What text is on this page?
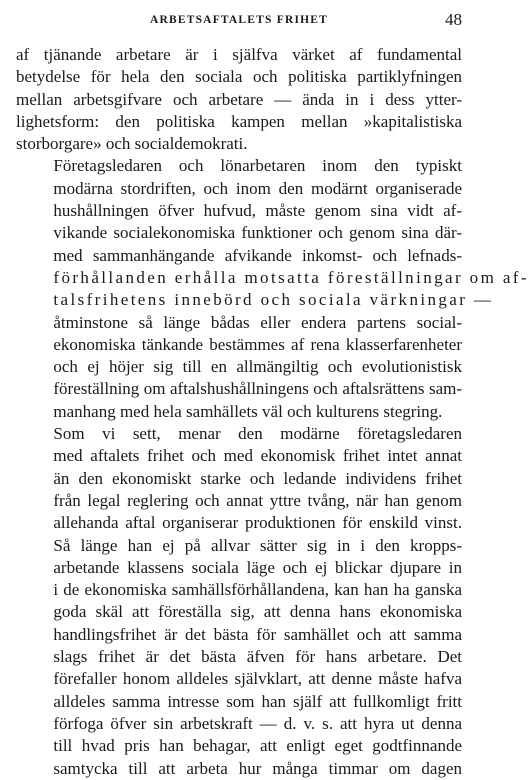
ARBETSAFTALETS FRIHET	48

af tjänande arbetare är i själfva värket af fundamental
betydelse för hela den sociala och politiska partiklyfningen
mellan arbetsgifvare och arbetare — ända in i dess ytter-
lighetsform: den politiska kampen mellan »kapitalistiska
storborgare» och socialdemokrati.

Företagsledaren och lönarbetaren inom den typiskt
modärna stordriften, och inom den modärnt organiserade
hushållningen öfver hufvud, måste genom sina vidt af-
vikande socialekonomiska funktioner och genom sina där-
med sammanhängande afvikande inkomst- och lefnads-
förhållanden erhålla motsatta föreställningar om af-
talsfrihetens innebörd och sociala värkningar —
åtminstone så länge bådas eller endera partens social-
ekonomiska tänkande bestämmes af rena klasserfarenheter
och ej höjer sig till en allmängiltig och evolutionistisk
föreställning om aftalshushållningens och aftalsrättens sam-
manhang med hela samhällets väl och kulturens stegring.

Som vi sett, menar den modärne företagsledaren
med aftalets frihet och med ekonomisk frihet intet annat
än den ekonomiskt starke och ledande individens frihet
från legal reglering och annat yttre tvång, när han genom
allehanda aftal organiserar produktionen för enskild vinst.
Så länge han ej på allvar sätter sig in i den kropps-
arbetande klassens sociala läge och ej blickar djupare in
i de ekonomiska samhällsförhållandena, kan han ha ganska
goda skäl att föreställa sig, att denna hans ekonomiska
handlingsfrihet är det bästa för samhället och att samma
slags frihet är det bästa äfven för hans arbetare. Det
förefaller honom alldeles självklart, att denne måste hafva
alldeles samma intresse som han själf att fullkomligt fritt
förfoga öfver sin arbetskraft — d. v. s. att hyra ut denna
till hvad pris han behagar, att enligt eget godtfinnande
samtycka till att arbeta hur många timmar om dagen
